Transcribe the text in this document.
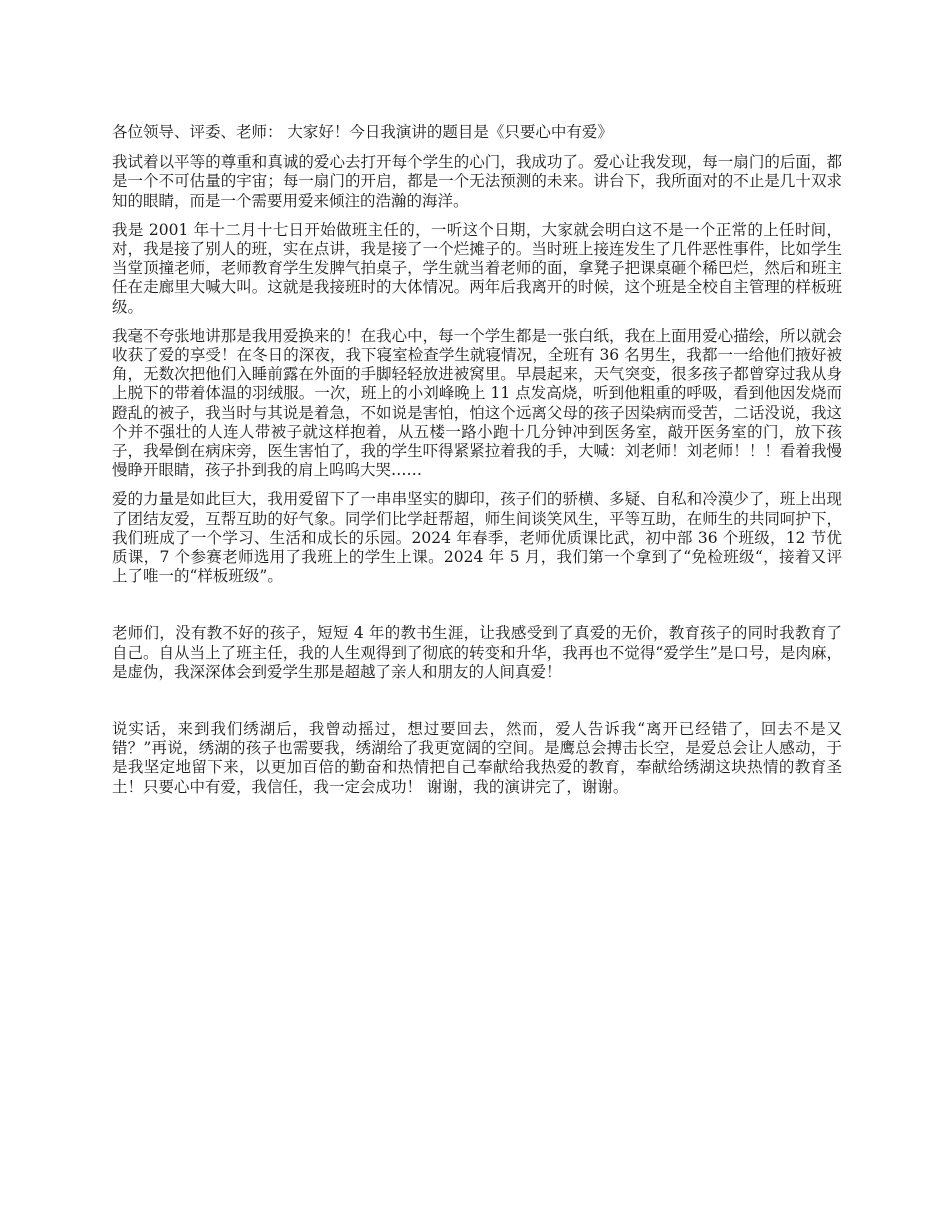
各位领导、评委、老师： 大家好！今日我演讲的题目是《只要心中有爱》

我试着以平等的尊重和真诚的爱心去打开每个学生的心门，我成功了。爱心让我发现，每一扇门的后面，都是一个不可估量的宇宙；每一扇门的开启，都是一个无法预测的未来。讲台下，我所面对的不止是几十双求知的眼睛，而是一个需要用爱来倾注的浩瀚的海洋。

我是 2001 年十二月十七日开始做班主任的，一听这个日期，大家就会明白这不是一个正常的上任时间，对，我是接了别人的班，实在点讲，我是接了一个烂摊子的。当时班上接连发生了几件恶性事件，比如学生当堂顶撞老师，老师教育学生发脾气拍桌子，学生就当着老师的面，拿凳子把课桌砸个稀巴烂，然后和班主任在走廊里大喊大叫。这就是我接班时的大体情况。两年后我离开的时候，这个班是全校自主管理的样板班级。

我毫不夸张地讲那是我用爱换来的！在我心中，每一个学生都是一张白纸，我在上面用爱心描绘，所以就会收获了爱的享受！在冬日的深夜，我下寝室检查学生就寝情况，全班有 36 名男生，我都一一给他们掖好被角，无数次把他们入睡前露在外面的手脚轻轻放进被窝里。早晨起来，天气突变，很多孩子都曾穿过我从身上脱下的带着体温的羽绒服。一次，班上的小刘峰晚上 11 点发高烧，听到他粗重的呼吸，看到他因发烧而蹬乱的被子，我当时与其说是着急，不如说是害怕，怕这个远离父母的孩子因染病而受苦，二话没说，我这个并不强壮的人连人带被子就这样抱着，从五楼一路小跑十几分钟冲到医务室，敲开医务室的门，放下孩子，我晕倒在病床旁，医生害怕了，我的学生吓得紧紧拉着我的手，大喊：刘老师！刘老师！！！看着我慢慢睁开眼睛，孩子扑到我的肩上呜呜大哭……

爱的力量是如此巨大，我用爱留下了一串串坚实的脚印，孩子们的骄横、多疑、自私和冷漠少了，班上出现了团结友爱，互帮互助的好气象。同学们比学赶帮超，师生间谈笑风生，平等互助，在师生的共同呵护下，我们班成了一个学习、生活和成长的乐园。2024 年春季，老师优质课比武，初中部 36 个班级，12 节优质课，7 个参赛老师选用了我班上的学生上课。2024 年 5 月，我们第一个拿到了“免检班级“，接着又评上了唯一的“样板班级”。

老师们，没有教不好的孩子，短短 4 年的教书生涯，让我感受到了真爱的无价，教育孩子的同时我教育了自己。自从当上了班主任，我的人生观得到了彻底的转变和升华，我再也不觉得“爱学生”是口号，是肉麻，是虚伪，我深深体会到爱学生那是超越了亲人和朋友的人间真爱！

说实话，来到我们绣湖后，我曾动摇过，想过要回去，然而，爱人告诉我“离开已经错了，回去不是又错？”再说，绣湖的孩子也需要我，绣湖给了我更宽阔的空间。是鹰总会搏击长空，是爱总会让人感动，于是我坚定地留下来，以更加百倍的勤奋和热情把自己奉献给我热爱的教育，奉献给绣湖这块热情的教育圣土！只要心中有爱，我信任，我一定会成功！ 谢谢，我的演讲完了，谢谢。
